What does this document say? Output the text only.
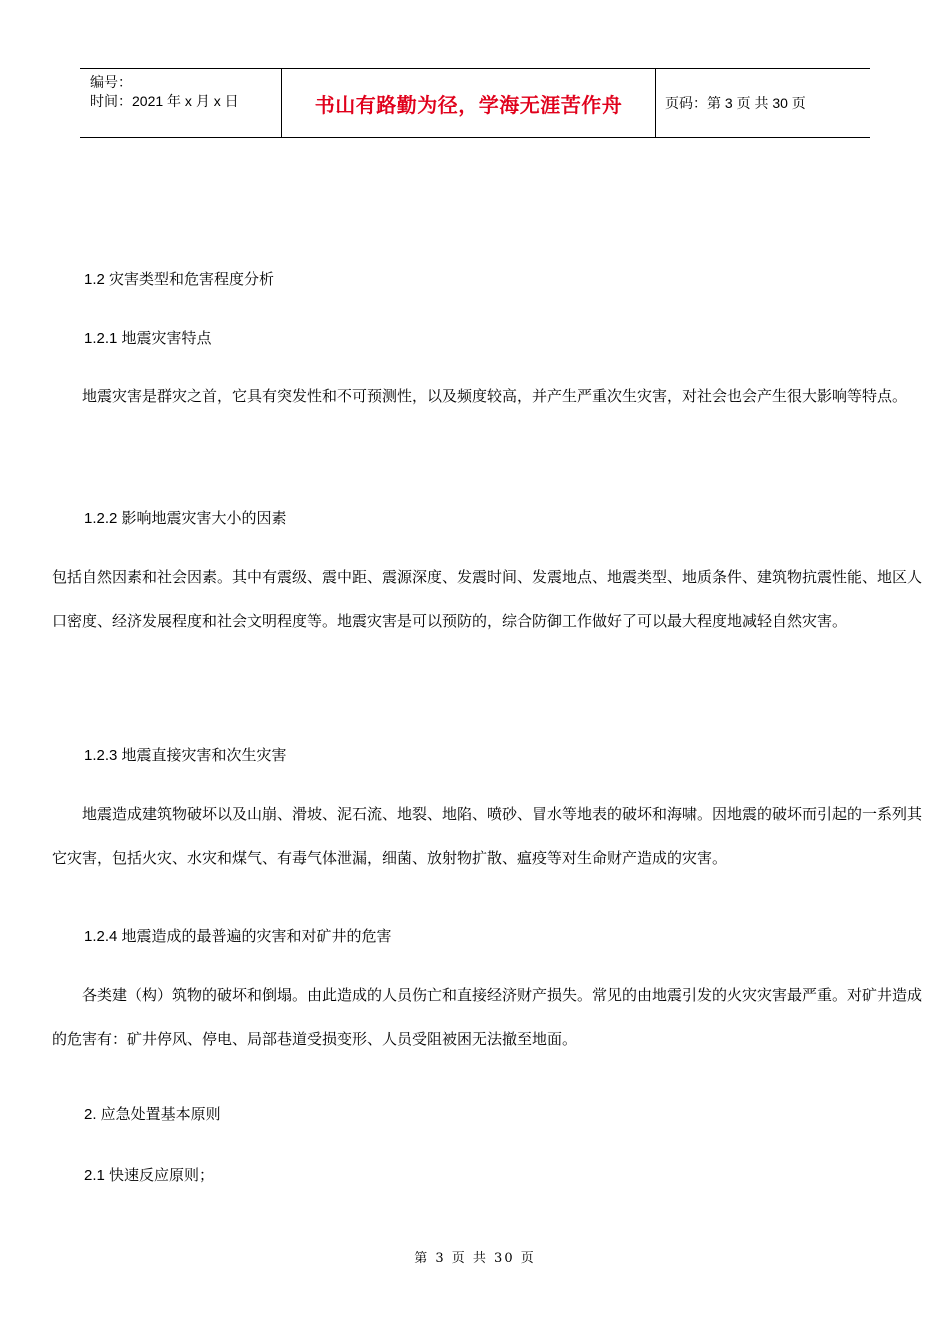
编号：
时间：2021 年 x 月 x 日	书山有路勤为径，学海无涯苦作舟	页码：第 3 页 共 30 页
1.2 灾害类型和危害程度分析
1.2.1 地震灾害特点

　　地震灾害是群灾之首，它具有突发性和不可预测性，以及频度较高，并产生严重次生灾害，对社会也会产生很大影响等特点。

1.2.2 影响地震灾害大小的因素

包括自然因素和社会因素。其中有震级、震中距、震源深度、发震时间、发震地点、地震类型、地质条件、建筑物抗震性能、地区人口密度、经济发展程度和社会文明程度等。地震灾害是可以预防的，综合防御工作做好了可以最大程度地减轻自然灾害。

1.2.3 地震直接灾害和次生灾害

　　地震造成建筑物破坏以及山崩、滑坡、泥石流、地裂、地陷、喷砂、冒水等地表的破坏和海啸。因地震的破坏而引起的一系列其它灾害，包括火灾、水灾和煤气、有毒气体泄漏，细菌、放射物扩散、瘟疫等对生命财产造成的灾害。

1.2.4 地震造成的最普遍的灾害和对矿井的危害

　　各类建（构）筑物的破坏和倒塌。由此造成的人员伤亡和直接经济财产损失。常见的由地震引发的火灾灾害最严重。对矿井造成的危害有：矿井停风、停电、局部巷道受损变形、人员受阻被困无法撤至地面。

2. 应急处置基本原则
2.1 快速反应原则；
第 3 页 共 30 页
